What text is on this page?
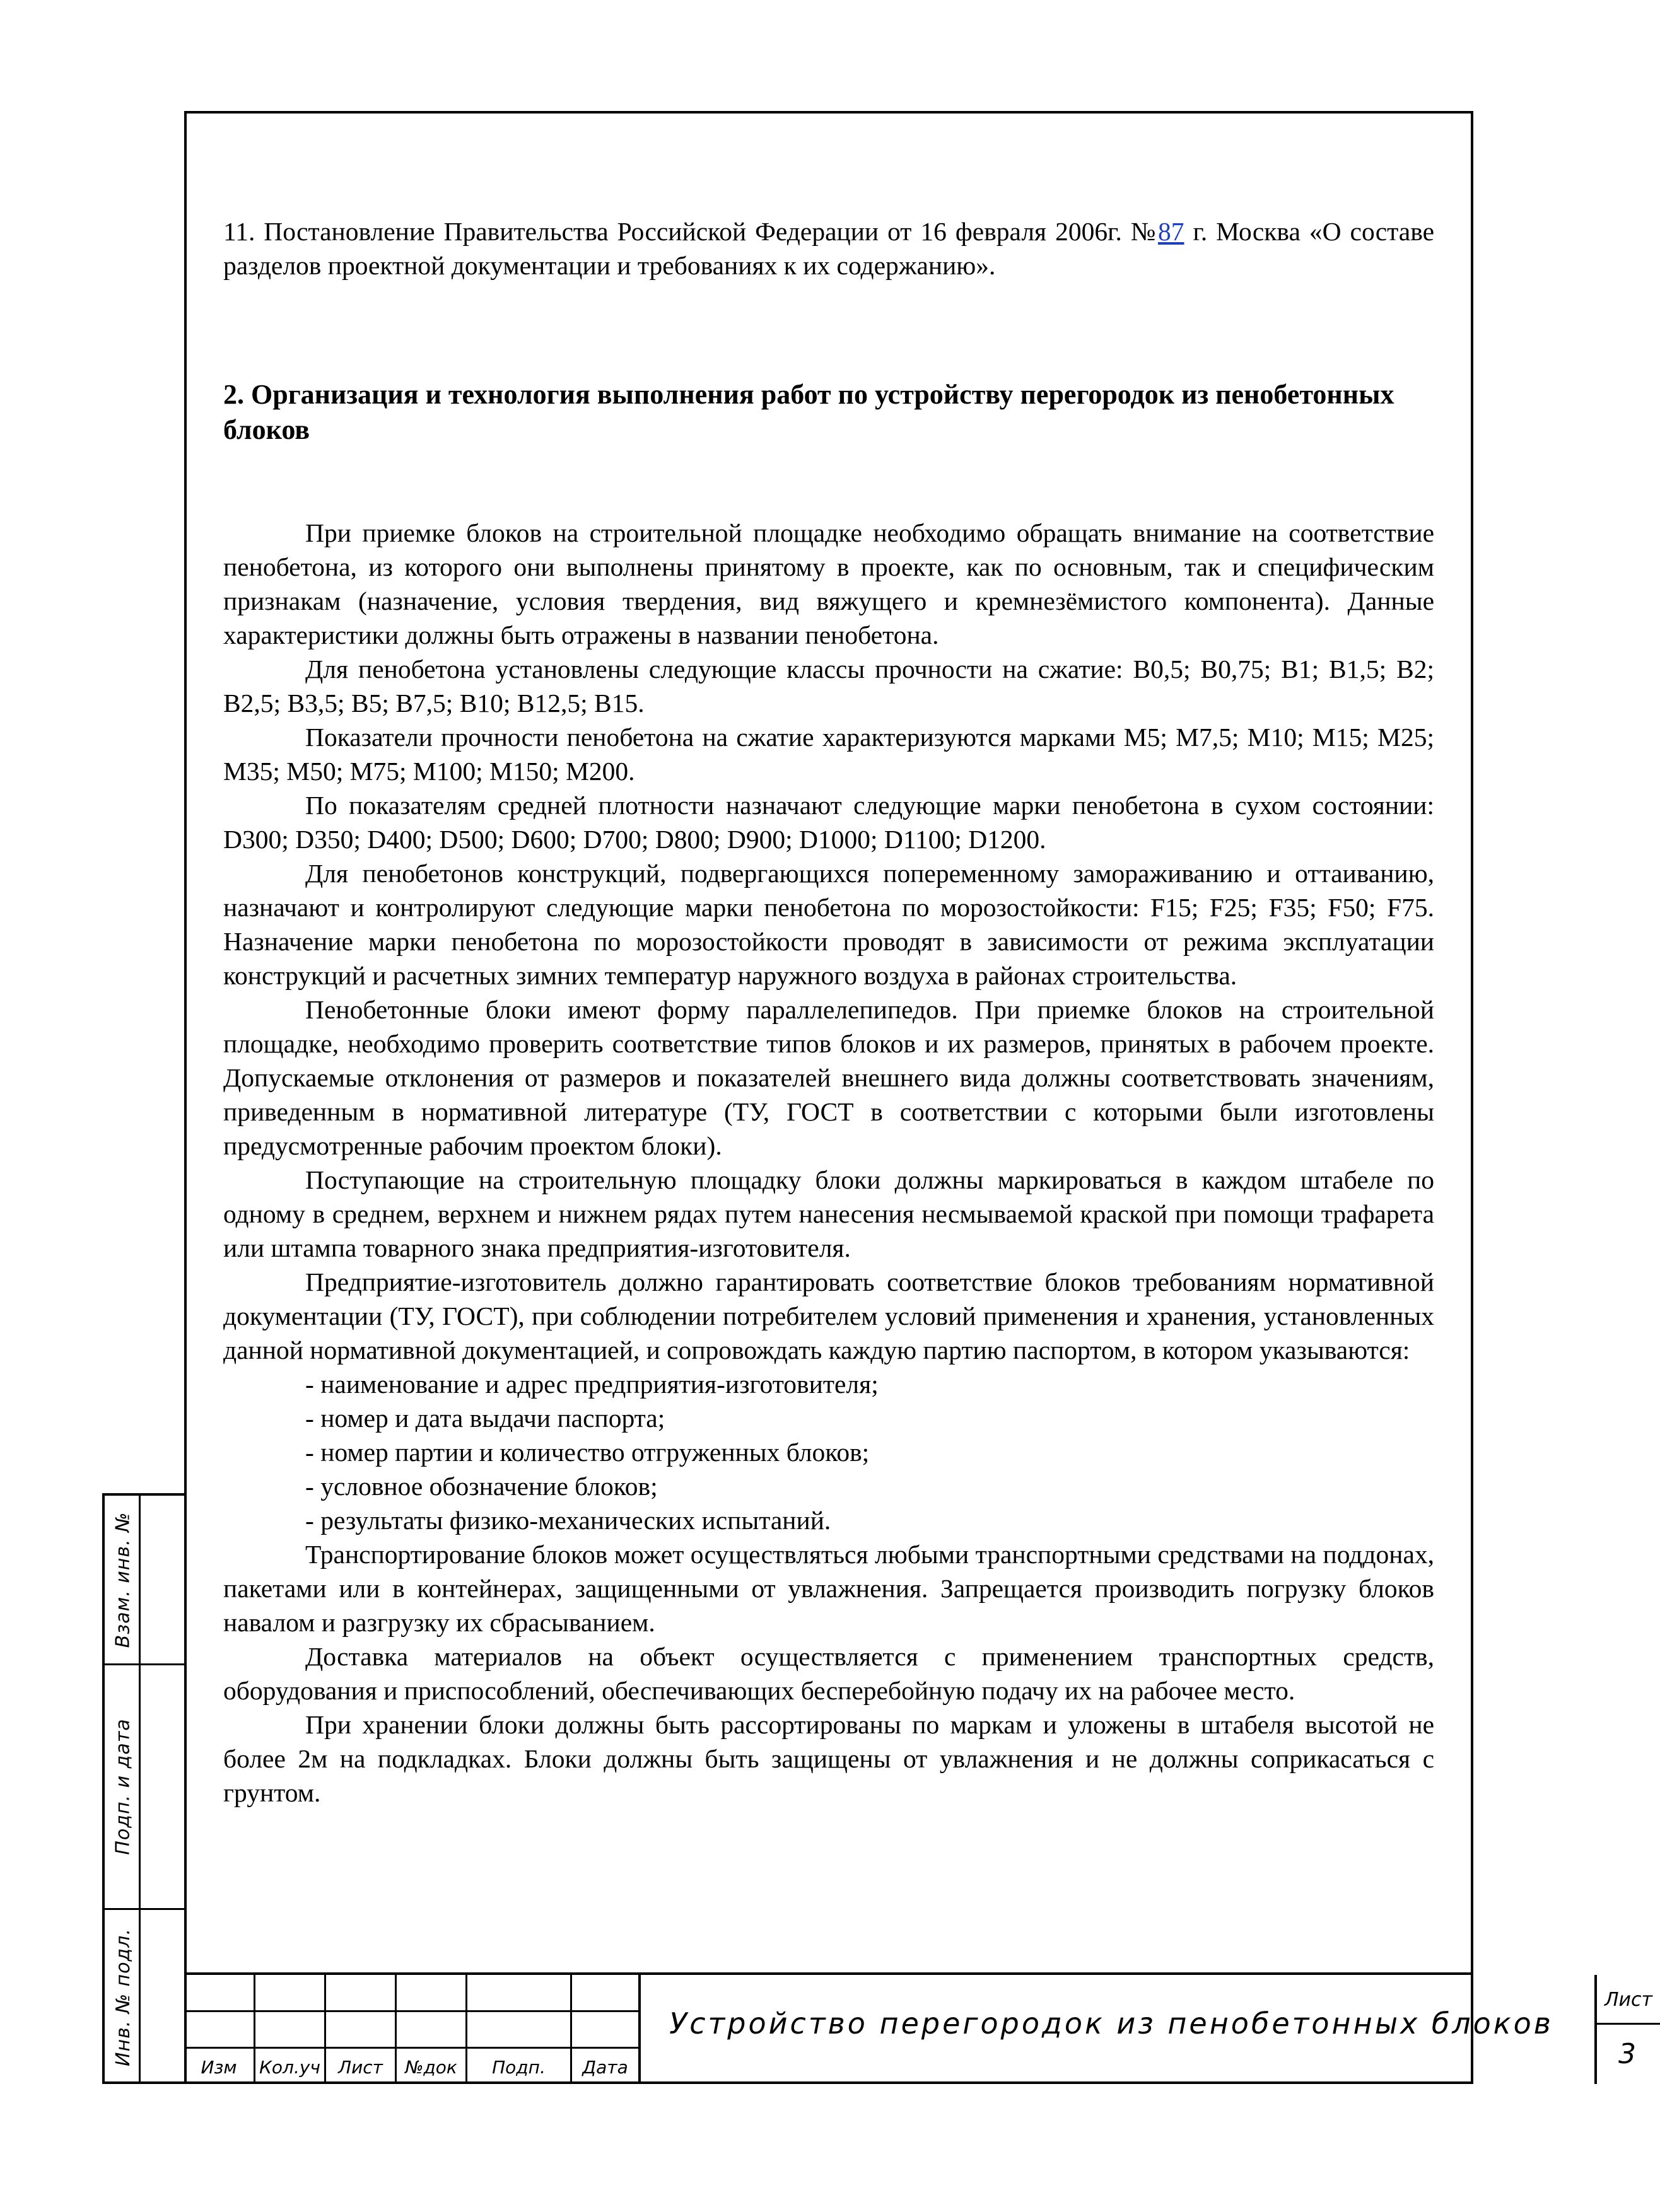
11. Постановление Правительства Российской Федерации от 16 февраля 2006г. №87 г. Москва «О составе разделов проектной документации и требованиях к их содержанию».

2. Организация и технология выполнения работ по устройству перегородок из пенобетонных блоков

При приемке блоков на строительной площадке необходимо обращать внимание на соответствие пенобетона, из которого они выполнены принятому в проекте, как по основным, так и специфическим признакам (назначение, условия твердения, вид вяжущего и кремнезёмистого компонента). Данные характеристики должны быть отражены в названии пенобетона.

Для пенобетона установлены следующие классы прочности на сжатие: В0,5; В0,75; В1; В1,5; В2; В2,5; В3,5; В5; В7,5; В10; В12,5; В15.

Показатели прочности пенобетона на сжатие характеризуются марками М5; М7,5; М10; М15; М25; М35; М50; М75; М100; М150; М200.

По показателям средней плотности назначают следующие марки пенобетона в сухом состоянии: D300; D350; D400; D500; D600; D700; D800; D900; D1000; D1100; D1200.

Для пенобетонов конструкций, подвергающихся попеременному замораживанию и оттаиванию, назначают и контролируют следующие марки пенобетона по морозостойкости: F15; F25; F35; F50; F75. Назначение марки пенобетона по морозостойкости проводят в зависимости от режима эксплуатации конструкций и расчетных зимних температур наружного воздуха в районах строительства.

Пенобетонные блоки имеют форму параллелепипедов. При приемке блоков на строительной площадке, необходимо проверить соответствие типов блоков и их размеров, принятых в рабочем проекте. Допускаемые отклонения от размеров и показателей внешнего вида должны соответствовать значениям, приведенным в нормативной литературе (ТУ, ГОСТ в соответствии с которыми были изготовлены предусмотренные рабочим проектом блоки).

Поступающие на строительную площадку блоки должны маркироваться в каждом штабеле по одному в среднем, верхнем и нижнем рядах путем нанесения несмываемой краской при помощи трафарета или штампа товарного знака предприятия-изготовителя.

Предприятие-изготовитель должно гарантировать соответствие блоков требованиям нормативной документации (ТУ, ГОСТ), при соблюдении потребителем условий применения и хранения, установленных данной нормативной документацией, и сопровождать каждую партию паспортом, в котором указываются:

- наименование и адрес предприятия-изготовителя;

- номер и дата выдачи паспорта;

- номер партии и количество отгруженных блоков;

- условное обозначение блоков;

- результаты физико-механических испытаний.

Транспортирование блоков может осуществляться любыми транспортными средствами на поддонах, пакетами или в контейнерах, защищенными от увлажнения. Запрещается производить погрузку блоков навалом и разгрузку их сбрасыванием.

Доставка материалов на объект осуществляется с применением транспортных средств, оборудования и приспособлений, обеспечивающих бесперебойную подачу их на рабочее место.

При хранении блоки должны быть рассортированы по маркам и уложены в штабеля высотой не более 2м на подкладках. Блоки должны быть защищены от увлажнения и не должны соприкасаться с грунтом.

Взам. инв. №
Подп. и дата
Инв. № подл.
Изм	Кол.уч	Лист	№док	Подп.	Дата
Устройство перегородок из пенобетонных блоков
Лист
3
